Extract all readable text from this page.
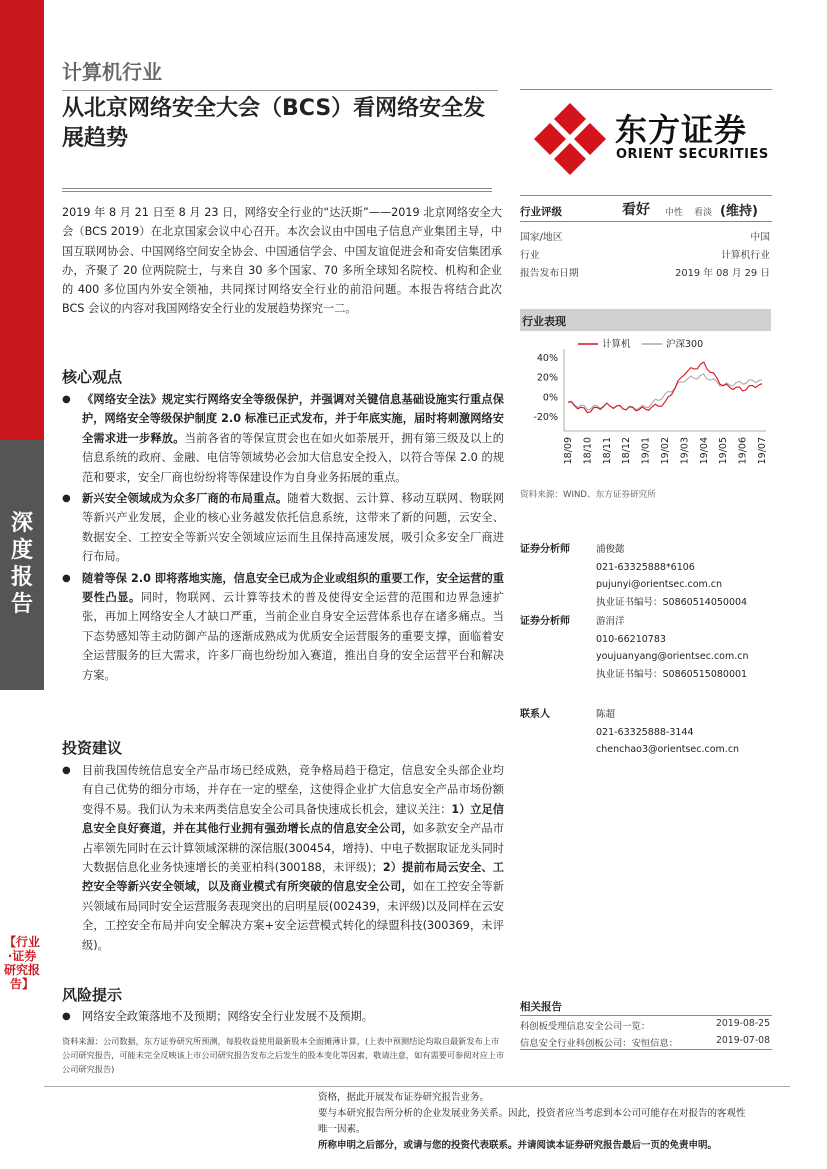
深度报告
【行业·证券研究报告】
计算机行业
从北京网络安全大会（BCS）看网络安全发展趋势	东方证券
ORIENT SECURITIES
2019 年 8 月 21 日至 8 月 23 日，网络安全行业的“达沃斯”——2019 北京网络安全大会（BCS 2019）在北京国家会议中心召开。本次会议由中国电子信息产业集团主导，中国互联网协会、中国网络空间安全协会、中国通信学会、中国友谊促进会和奇安信集团承办，齐聚了 20 位两院院士，与来自 30 多个国家、70 多所全球知名院校、机构和企业的 400 多位国内外安全领袖，共同探讨网络安全行业的前沿问题。本报告将结合此次 BCS 会议的内容对我国网络安全行业的发展趋势探究一二。
核心观点
● 《网络安全法》规定实行网络安全等级保护，并强调对关键信息基础设施实行重点保护，网络安全等级保护制度 2.0 标准已正式发布，并于年底实施，届时将刺激网络安全需求进一步释放。当前各省的等保宣贯会也在如火如荼展开，拥有第三级及以上的信息系统的政府、金融、电信等领域势必会加大信息安全投入，以符合等保 2.0 的规范和要求，安全厂商也纷纷将等保建设作为自身业务拓展的重点。
● 新兴安全领域成为众多厂商的布局重点。随着大数据、云计算、移动互联网、物联网等新兴产业发展，企业的核心业务越发依托信息系统，这带来了新的问题，云安全、数据安全、工控安全等新兴安全领域应运而生且保持高速发展，吸引众多安全厂商进行布局。
● 随着等保 2.0 即将落地实施，信息安全已成为企业或组织的重要工作，安全运营的重要性凸显。同时，物联网、云计算等技术的普及使得安全运营的范围和边界急速扩张，再加上网络安全人才缺口严重，当前企业自身安全运营体系也存在诸多痛点。当下态势感知等主动防御产品的逐渐成熟成为优质安全运营服务的重要支撑，面临着安全运营服务的巨大需求，许多厂商也纷纷加入赛道，推出自身的安全运营平台和解决方案。
投资建议
● 目前我国传统信息安全产品市场已经成熟，竞争格局趋于稳定，信息安全头部企业均有自己优势的细分市场，并存在一定的壁垒，这使得企业扩大信息安全产品市场份额变得不易。我们认为未来两类信息安全公司具备快速成长机会，建议关注：1）立足信息安全良好赛道，并在其他行业拥有强劲增长点的信息安全公司，如多款安全产品市占率领先同时在云计算领域深耕的深信服(300454，增持)、中电子数据取证龙头同时大数据信息化业务快速增长的美亚柏科(300188，未评级)；2）提前布局云安全、工控安全等新兴安全领域，以及商业模式有所突破的信息安全公司，如在工控安全等新兴领域布局同时安全运营服务表现突出的启明星辰(002439，未评级)以及同样在云安全，工控安全布局并向安全解决方案+安全运营模式转化的绿盟科技(300369，未评级)。
风险提示
● 网络安全政策落地不及预期；网络安全行业发展不及预期。
资料来源：公司数据，东方证券研究所预测，每股收益使用最新股本全面摊薄计算，(上表中预测结论均取自最新发布上市公司研究报告，可能未完全反映该上市公司研究报告发布之后发生的股本变化等因素，敬请注意，如有需要可参阅对应上市公司研究报告)
行业评级	看好 中性 看淡 (维持)
国家/地区	中国
行业	计算机行业
报告发布日期	2019 年 08 月 29 日
行业表现
计算机	沪深300
40%
20%
0%
-20%
18/09 18/10 18/11 18/12 19/01 19/02 19/03 19/04 19/05 19/06 19/07
资料来源：WIND、东方证券研究所
证券分析师	浦俊懿
021-63325888*6106
pujunyi@orientsec.com.cn
执业证书编号：S0860514050004
证券分析师	游涓洋
010-66210783
youjuanyang@orientsec.com.cn
执业证书编号：S0860515080001
联系人	陈超
021-63325888-3144
chenchao3@orientsec.com.cn
相关报告
科创板受理信息安全公司一览：	2019-08-25
信息安全行业科创板公司：安恒信息：	2019-07-08
资格，据此开展发布证券研究报告业务。
要与本研究报告所分析的企业发展业务关系。因此，投资者应当考虑到本公司可能存在对报告的客观性
唯一因素。
所称申明之后部分，或请与您的投资代表联系。并请阅读本证券研究报告最后一页的免责申明。
